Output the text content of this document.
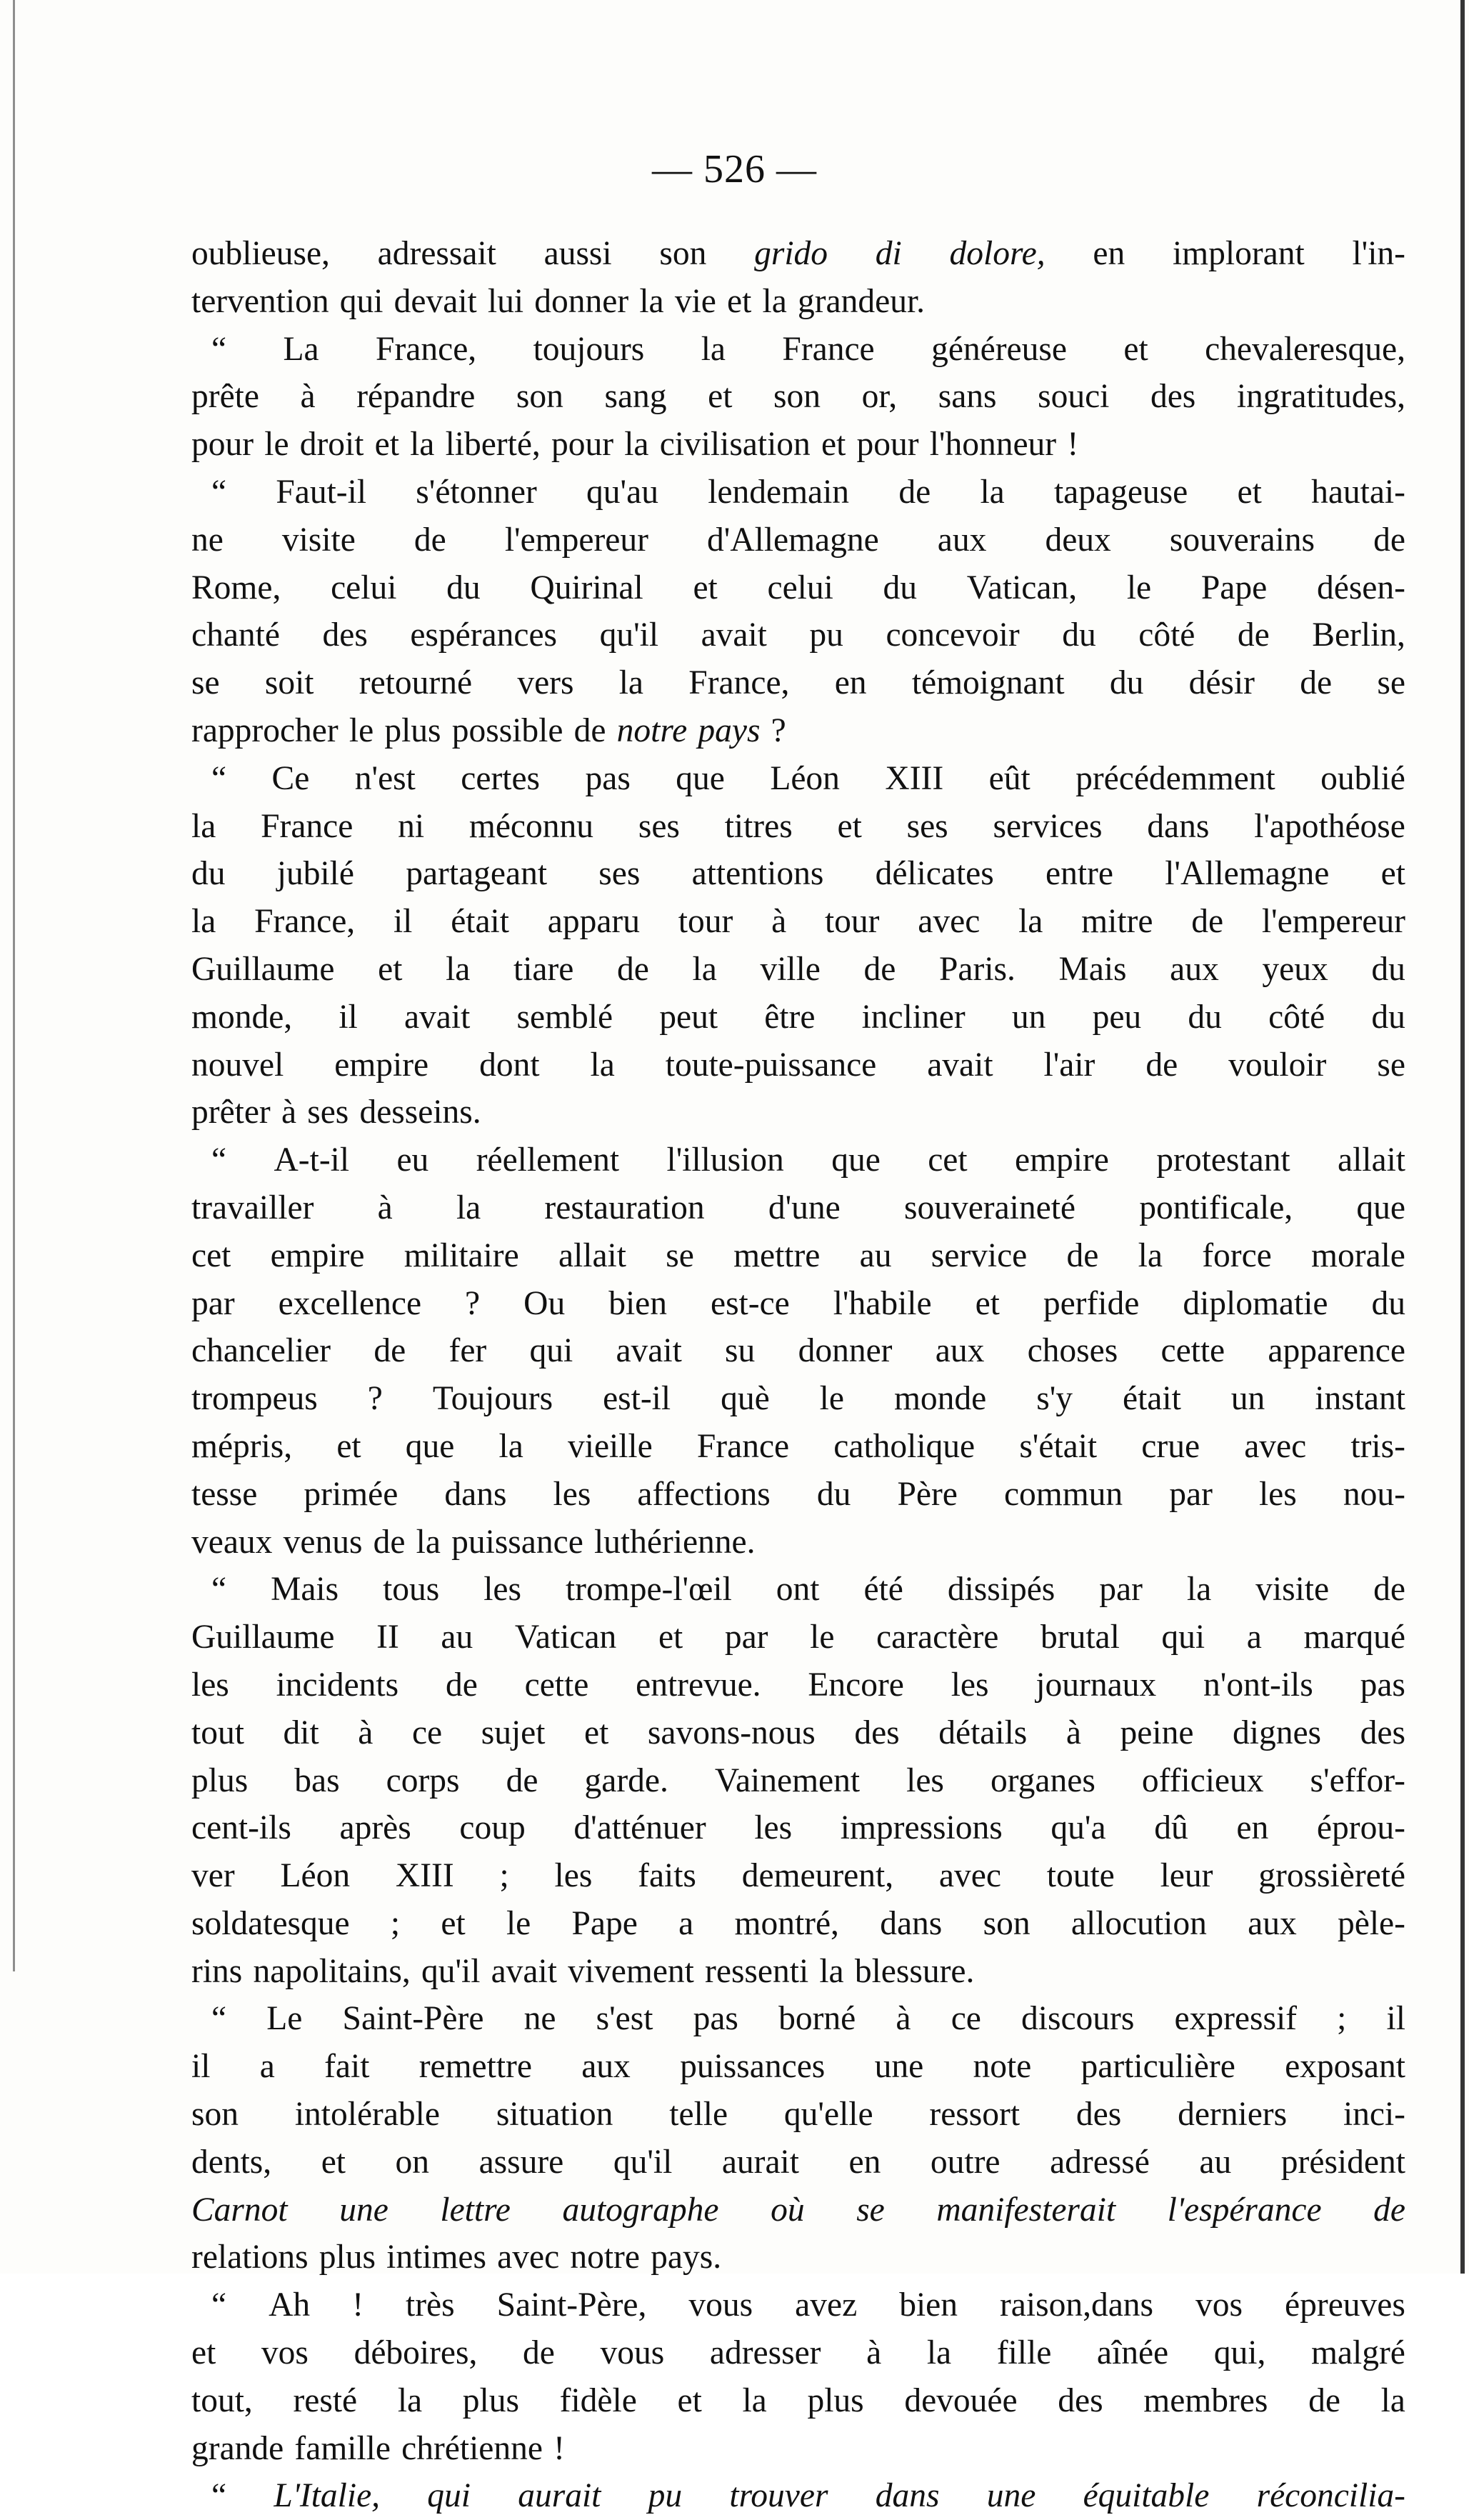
— 526 —
oublieuse, adressait aussi son grido di dolore, en implorant l'in-
tervention qui devait lui donner la vie et la grandeur.
“ La France, toujours la France généreuse et chevaleresque,
prête à répandre son sang et son or, sans souci des ingratitudes,
pour le droit et la liberté, pour la civilisation et pour l'honneur !
“ Faut-il s'étonner qu'au lendemain de la tapageuse et hautai-
ne visite de l'empereur d'Allemagne aux deux souverains de
Rome, celui du Quirinal et celui du Vatican, le Pape désen-
chanté des espérances qu'il avait pu concevoir du côté de Berlin,
se soit retourné vers la France, en témoignant du désir de se
rapprocher le plus possible de notre pays ?
“ Ce n'est certes pas que Léon XIII eût précédemment oublié
la France ni méconnu ses titres et ses services dans l'apothéose
du jubilé partageant ses attentions délicates entre l'Allemagne et
la France, il était apparu tour à tour avec la mitre de l'empereur
Guillaume et la tiare de la ville de Paris. Mais aux yeux du
monde, il avait semblé peut être incliner un peu du côté du
nouvel empire dont la toute-puissance avait l'air de vouloir se
prêter à ses desseins.
“ A-t-il eu réellement l'illusion que cet empire protestant allait
travailler à la restauration d'une souveraineté pontificale, que
cet empire militaire allait se mettre au service de la force morale
par excellence ? Ou bien est-ce l'habile et perfide diplomatie du
chancelier de fer qui avait su donner aux choses cette apparence
trompeus ? Toujours est-il què le monde s'y était un instant
mépris, et que la vieille France catholique s'était crue avec tris-
tesse primée dans les affections du Père commun par les nou-
veaux venus de la puissance luthérienne.
“ Mais tous les trompe-l'œil ont été dissipés par la visite de
Guillaume II au Vatican et par le caractère brutal qui a marqué
les incidents de cette entrevue. Encore les journaux n'ont-ils pas
tout dit à ce sujet et savons-nous des détails à peine dignes des
plus bas corps de garde. Vainement les organes officieux s'effor-
cent-ils après coup d'atténuer les impressions qu'a dû en éprou-
ver Léon XIII ; les faits demeurent, avec toute leur grossièreté
soldatesque ; et le Pape a montré, dans son allocution aux pèle-
rins napolitains, qu'il avait vivement ressenti la blessure.
“ Le Saint-Père ne s'est pas borné à ce discours expressif ; il
il a fait remettre aux puissances une note particulière exposant
son intolérable situation telle qu'elle ressort des derniers inci-
dents, et on assure qu'il aurait en outre adressé au président
Carnot une lettre autographe où se manifesterait l'espérance de
relations plus intimes avec notre pays.
“ Ah ! très Saint-Père, vous avez bien raison,dans vos épreuves
et vos déboires, de vous adresser à la fille aînée qui, malgré
tout, resté la plus fidèle et la plus devouée des membres de la
grande famille chrétienne !
“ L'Italie, qui aurait pu trouver dans une équitable réconcilia-
